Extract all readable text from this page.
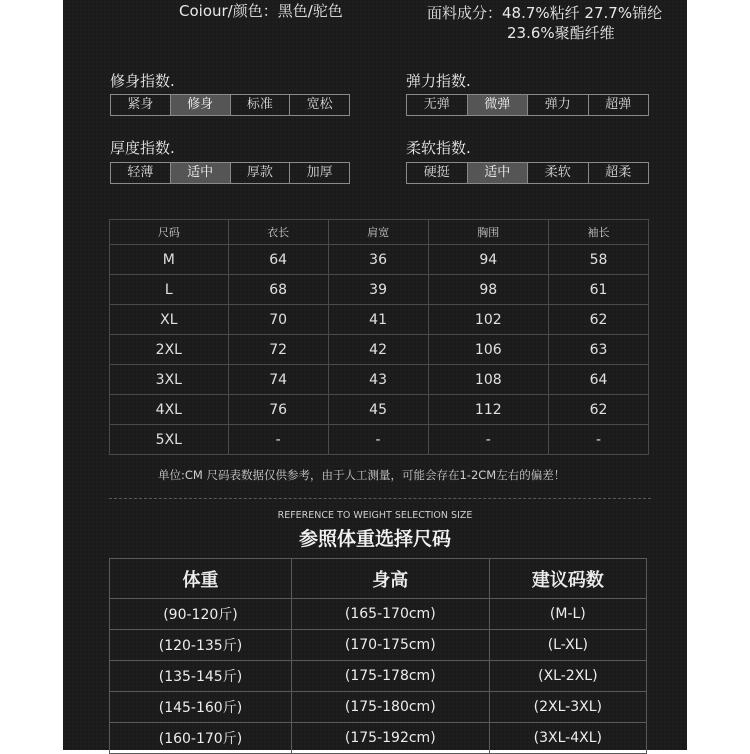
Coiour/颜色：黑色/驼色	面料成分：48.7%粘纤 27.7%锦纶
23.6%聚酯纤维
修身指数.
紧身	修身	标准	宽松
弹力指数.
无弹	微弹	弹力	超弹
厚度指数.
轻薄	适中	厚款	加厚
柔软指数.
硬挺	适中	柔软	超柔
尺码	衣长	肩宽	胸围	袖长
M	64	36	94	58
L	68	39	98	61
XL	70	41	102	62
2XL	72	42	106	63
3XL	74	43	108	64
4XL	76	45	112	62
5XL	-	-	-	-
单位:CM 尺码表数据仅供参考，由于人工测量，可能会存在1-2CM左右的偏差！
REFERENCE TO WEIGHT SELECTION SIZE
参照体重选择尺码
体重	身高	建议码数
(90-120斤)	(165-170cm)	(M-L)
(120-135斤)	(170-175cm)	(L-XL)
(135-145斤)	(175-178cm)	(XL-2XL)
(145-160斤)	(175-180cm)	(2XL-3XL)
(160-170斤)	(175-192cm)	(3XL-4XL)
